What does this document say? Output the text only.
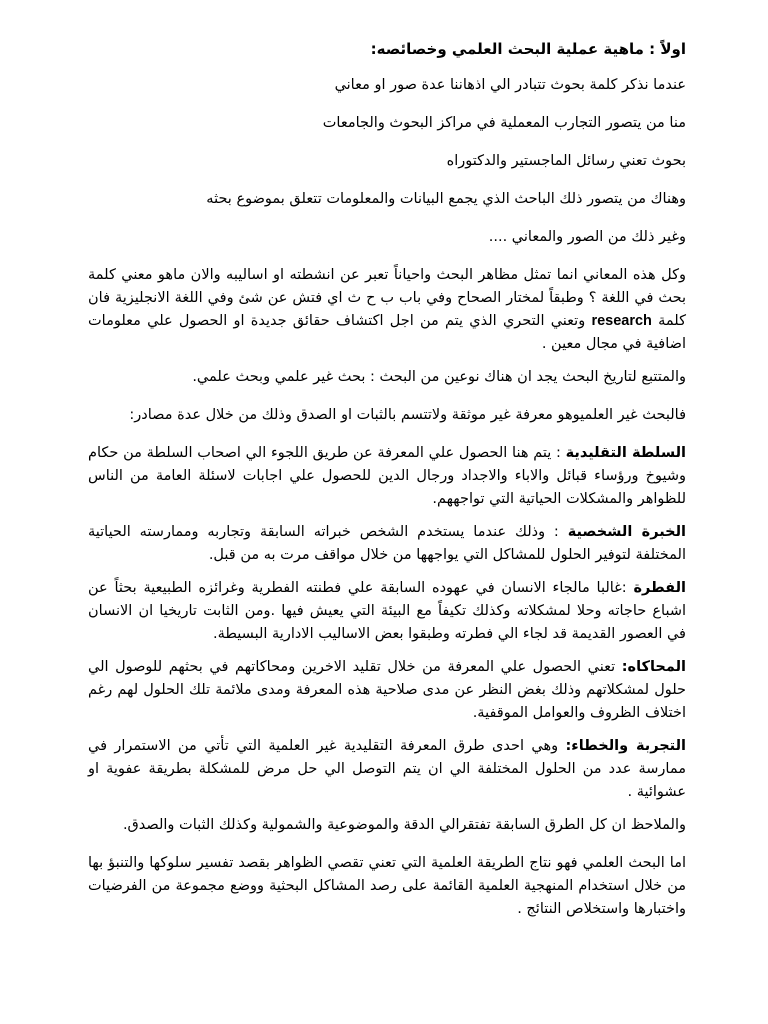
اولاً : ماهية عملية البحث العلمي وخصائصه:

عندما نذكر كلمة بحوث تتبادر الي اذهاننا عدة صور او معاني

منا من يتصور التجارب المعملية في مراكز البحوث والجامعات

بحوث تعني رسائل الماجستير والدكتوراه

وهناك من يتصور ذلك الباحث الذي يجمع البيانات والمعلومات تتعلق بموضوع بحثه

وغير ذلك من الصور والمعاني ....

وكل هذه المعاني انما تمثل مظاهر البحث واحياناً تعبر عن انشطته او اساليبه والان ماهو معني كلمة بحث في اللغة ؟ وطبقاً لمختار الصحاح وفي باب ب ح ث اي فتش عن شئ وفي اللغة الانجليزية فان كلمة research وتعني التحري الذي يتم من اجل اكتشاف حقائق جديدة او الحصول علي معلومات اضافية في مجال معين .

والمتتبع لتاريخ البحث يجد ان هناك نوعين من البحث : بحث غير علمي وبحث علمي.

فالبحث غير العلميوهو معرفة غير موثقة ولاتتسم بالثبات او الصدق وذلك من خلال عدة مصادر:

السلطة التقليدية : يتم هنا الحصول علي المعرفة عن طريق اللجوء الي اصحاب السلطة من حكام وشيوخ ورؤساء قبائل والاباء والاجداد ورجال الدين للحصول علي اجابات لاسئلة العامة من الناس للظواهر والمشكلات الحياتية التي تواجههم.

الخبرة الشخصية : وذلك عندما يستخدم الشخص خبراته السابقة وتجاربه وممارسته الحياتية المختلفة لتوفير الحلول للمشاكل التي يواجهها من خلال مواقف مرت به من قبل.

الفطرة :غالبا مالجاء الانسان في عهوده السابقة علي فطنته الفطرية وغرائزه الطبيعية بحثاً عن اشباع حاجاته وحلا لمشكلاته وكذلك تكيفاً مع البيئة التي يعيش فيها .ومن الثابت تاريخيا ان الانسان في العصور القديمة قد لجاء الي فطرته وطبقوا بعض الاساليب الادارية البسيطة.

المحاكاه: تعني الحصول علي المعرفة من خلال تقليد الاخرين ومحاكاتهم في بحثهم للوصول الي حلول لمشكلاتهم وذلك بغض النظر عن مدى صلاحية هذه المعرفة ومدى ملائمة تلك الحلول لهم رغم اختلاف الظروف والعوامل الموقفية.

التجربة والخطاء: وهي احدى طرق المعرفة التقليدية غير العلمية التي تأتي من الاستمرار في ممارسة عدد من الحلول المختلفة الي ان يتم التوصل الي حل مرض للمشكلة بطريقة عفوية او عشوائية .

والملاحظ ان كل الطرق السابقة تفتقرالي الدقة والموضوعية والشمولية وكذلك الثبات والصدق.

اما البحث العلمي فهو نتاج الطريقة العلمية التي تعني تقصي الظواهر بقصد تفسير سلوكها والتنبؤ بها من خلال استخدام المنهجية العلمية القائمة على رصد المشاكل البحثية ووضع مجموعة من الفرضيات واختبارها واستخلاص النتائج .
